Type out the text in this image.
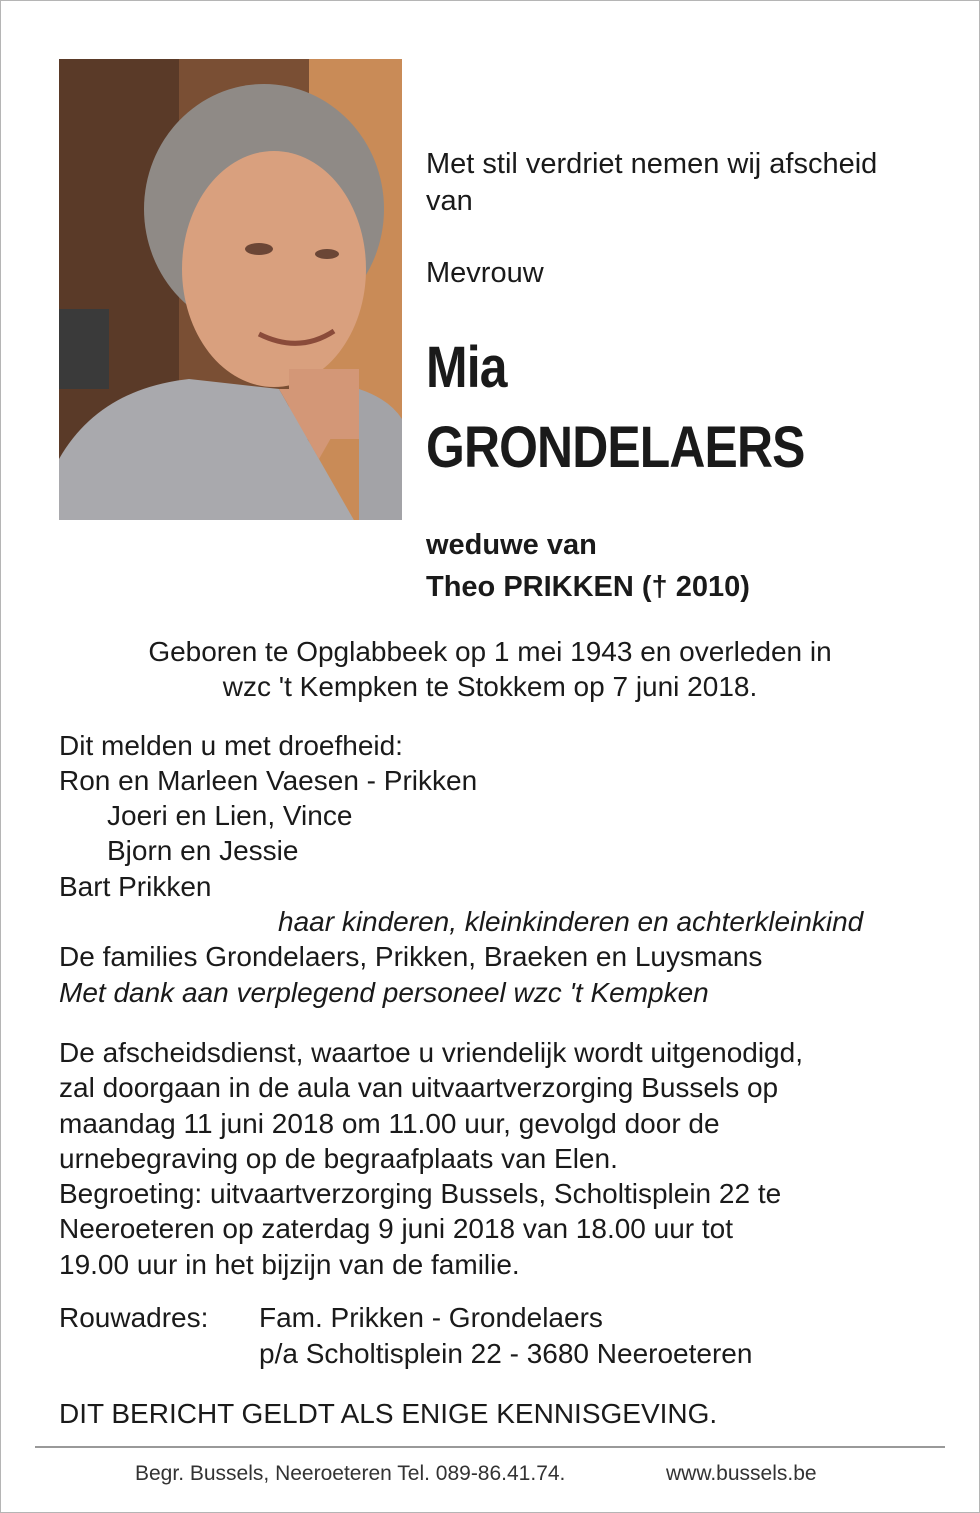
Met stil verdriet nemen wij afscheid van

Mevrouw

Mia

GRONDELAERS

weduwe van

Theo PRIKKEN († 2010)

Geboren te Opglabbeek op 1 mei 1943 en overleden in

wzc 't Kempken te Stokkem op 7 juni 2018.

Dit melden u met droefheid:

Ron en Marleen Vaesen - Prikken

Joeri en Lien, Vince

Bjorn en Jessie

Bart Prikken

haar kinderen, kleinkinderen en achterkleinkind

De families Grondelaers, Prikken, Braeken en Luysmans

Met dank aan verplegend personeel wzc 't Kempken

De afscheidsdienst, waartoe u vriendelijk wordt uitgenodigd,

zal doorgaan in de aula van uitvaartverzorging Bussels op

maandag 11 juni 2018 om 11.00 uur, gevolgd door de

urnebegraving op de begraafplaats van Elen.

Begroeting: uitvaartverzorging Bussels, Scholtisplein 22 te

Neeroeteren op zaterdag 9 juni 2018 van 18.00 uur tot

19.00 uur in het bijzijn van de familie.

Rouwadres: Fam. Prikken - Grondelaers

p/a Scholtisplein 22 - 3680 Neeroeteren

DIT BERICHT GELDT ALS ENIGE KENNISGEVING.

Begr. Bussels, Neeroeteren Tel. 089-86.41.74.	www.bussels.be
